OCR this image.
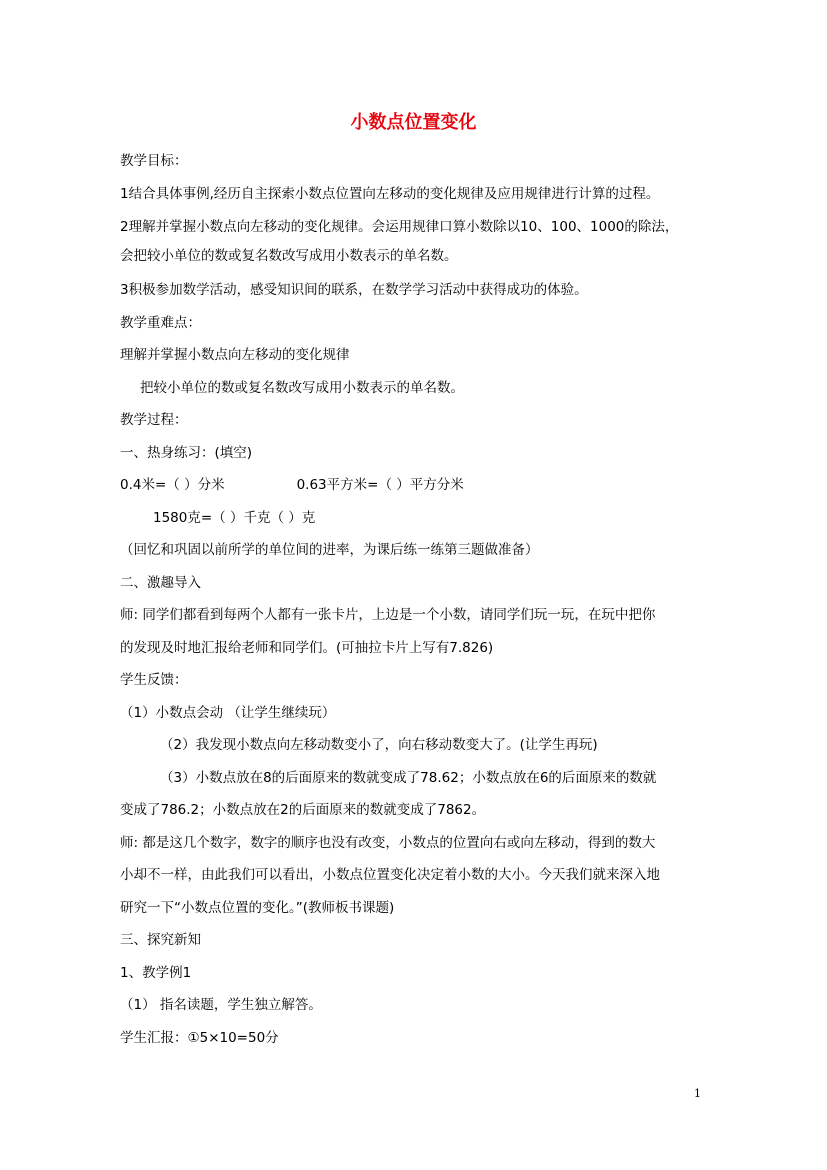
小数点位置变化

教学目标：

1结合具体事例,经历自主探索小数点位置向左移动的变化规律及应用规律进行计算的过程。

2理解并掌握小数点向左移动的变化规律。会运用规律口算小数除以10、100、1000的除法，

会把较小单位的数或复名数改写成用小数表示的单名数。

3积极参加数学活动，感受知识间的联系，在数学学习活动中获得成功的体验。

教学重难点：

理解并掌握小数点向左移动的变化规律

把较小单位的数或复名数改写成用小数表示的单名数。

教学过程：

一、热身练习：(填空)

0.4米=（ ）分米	0.63平方米=（ ）平方分米

1580克=（ ）千克（ ）克

（回忆和巩固以前所学的单位间的进率，为课后练一练第三题做准备）

二、激趣导入

师: 同学们都看到每两个人都有一张卡片，上边是一个小数，请同学们玩一玩，在玩中把你

的发现及时地汇报给老师和同学们。(可抽拉卡片上写有7.826)

学生反馈：

（1）小数点会动 （让学生继续玩）

（2）我发现小数点向左移动数变小了，向右移动数变大了。(让学生再玩)

（3）小数点放在8的后面原来的数就变成了78.62；小数点放在6的后面原来的数就

变成了786.2；小数点放在2的后面原来的数就变成了7862。

师: 都是这几个数字，数字的顺序也没有改变，小数点的位置向右或向左移动，得到的数大

小却不一样，由此我们可以看出，小数点位置变化决定着小数的大小。今天我们就来深入地

研究一下“小数点位置的变化。”(教师板书课题)

三、探究新知

1、教学例1

（1） 指名读题，学生独立解答。

学生汇报：①5×10=50分

1
